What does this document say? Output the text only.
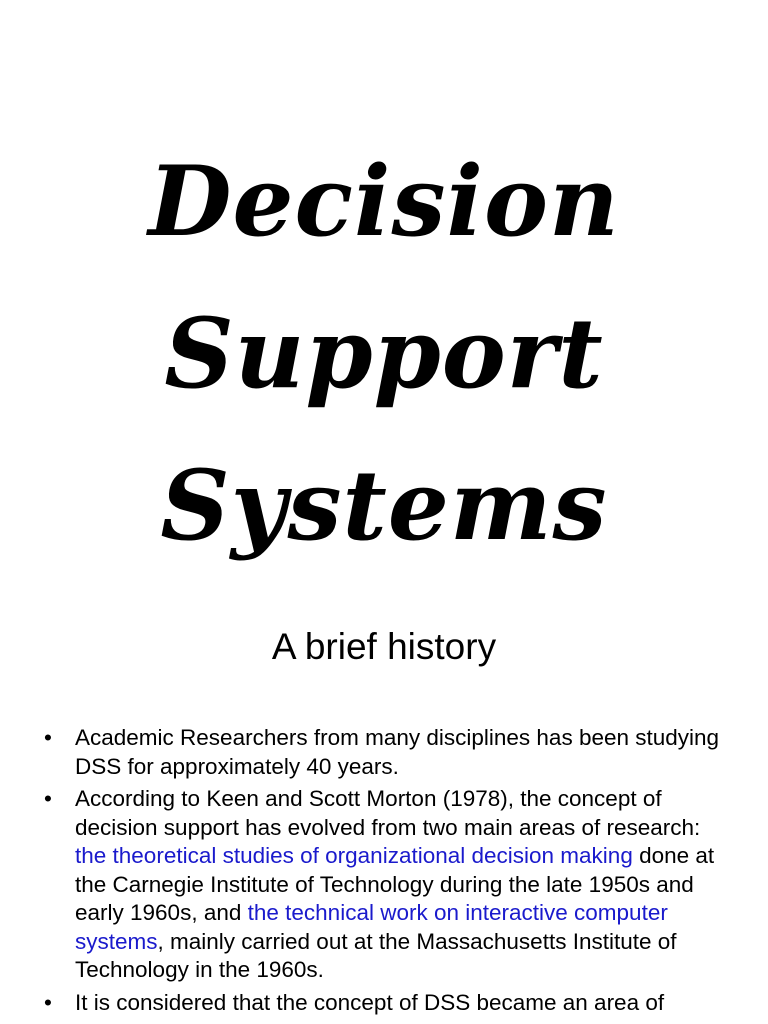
Decision
Support
Systems
A brief history
• Academic Researchers from many disciplines has been studying DSS for approximately 40 years.
• According to Keen and Scott Morton (1978), the concept of decision support has evolved from two main areas of research: the theoretical studies of organizational decision making done at the Carnegie Institute of Technology during the late 1950s and early 1960s, and the technical work on interactive computer systems, mainly carried out at the Massachusetts Institute of Technology in the 1960s.
• It is considered that the concept of DSS became an area of
